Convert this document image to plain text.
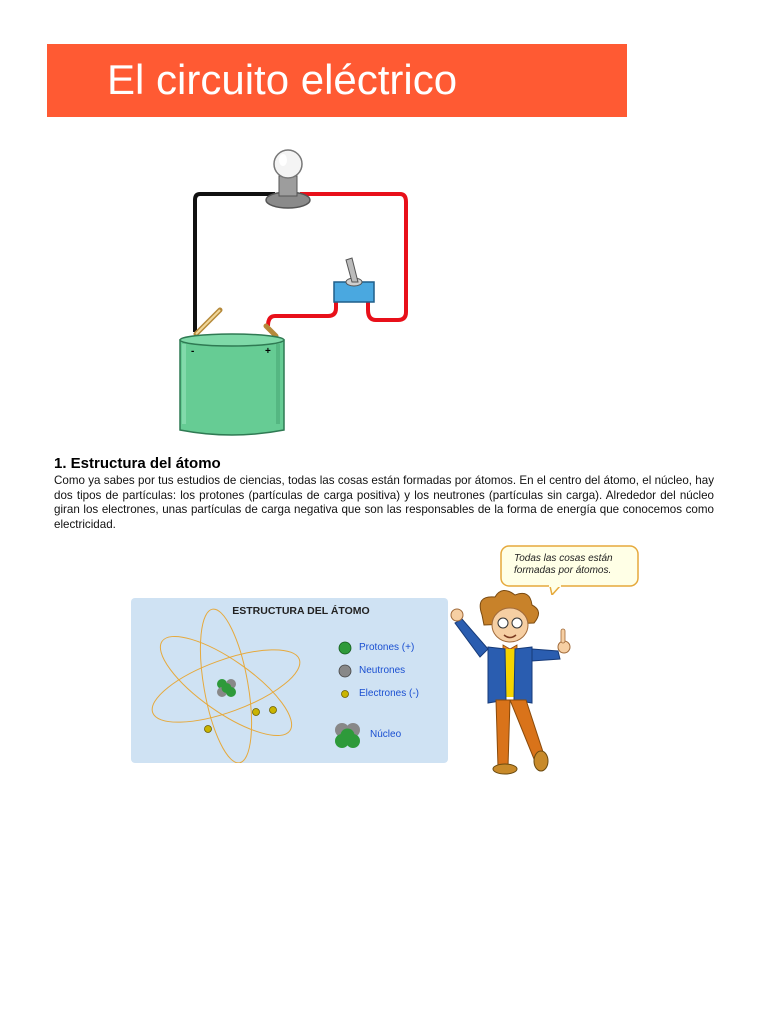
El circuito eléctrico
-	+
1. Estructura del átomo

Como ya sabes por tus estudios de ciencias, todas las cosas están formadas por átomos. En el centro del átomo, el núcleo, hay dos tipos de partículas: los protones (partículas de carga positiva) y los neutrones (partículas sin carga). Alrededor del núcleo giran los electrones, unas partículas de carga negativa que son las responsables de la forma de energía que conocemos como electricidad.

ESTRUCTURA DEL ÁTOMO
Protones (+)
Neutrones
Electrones (-)
Núcleo
Todas las cosas están formadas por átomos.
